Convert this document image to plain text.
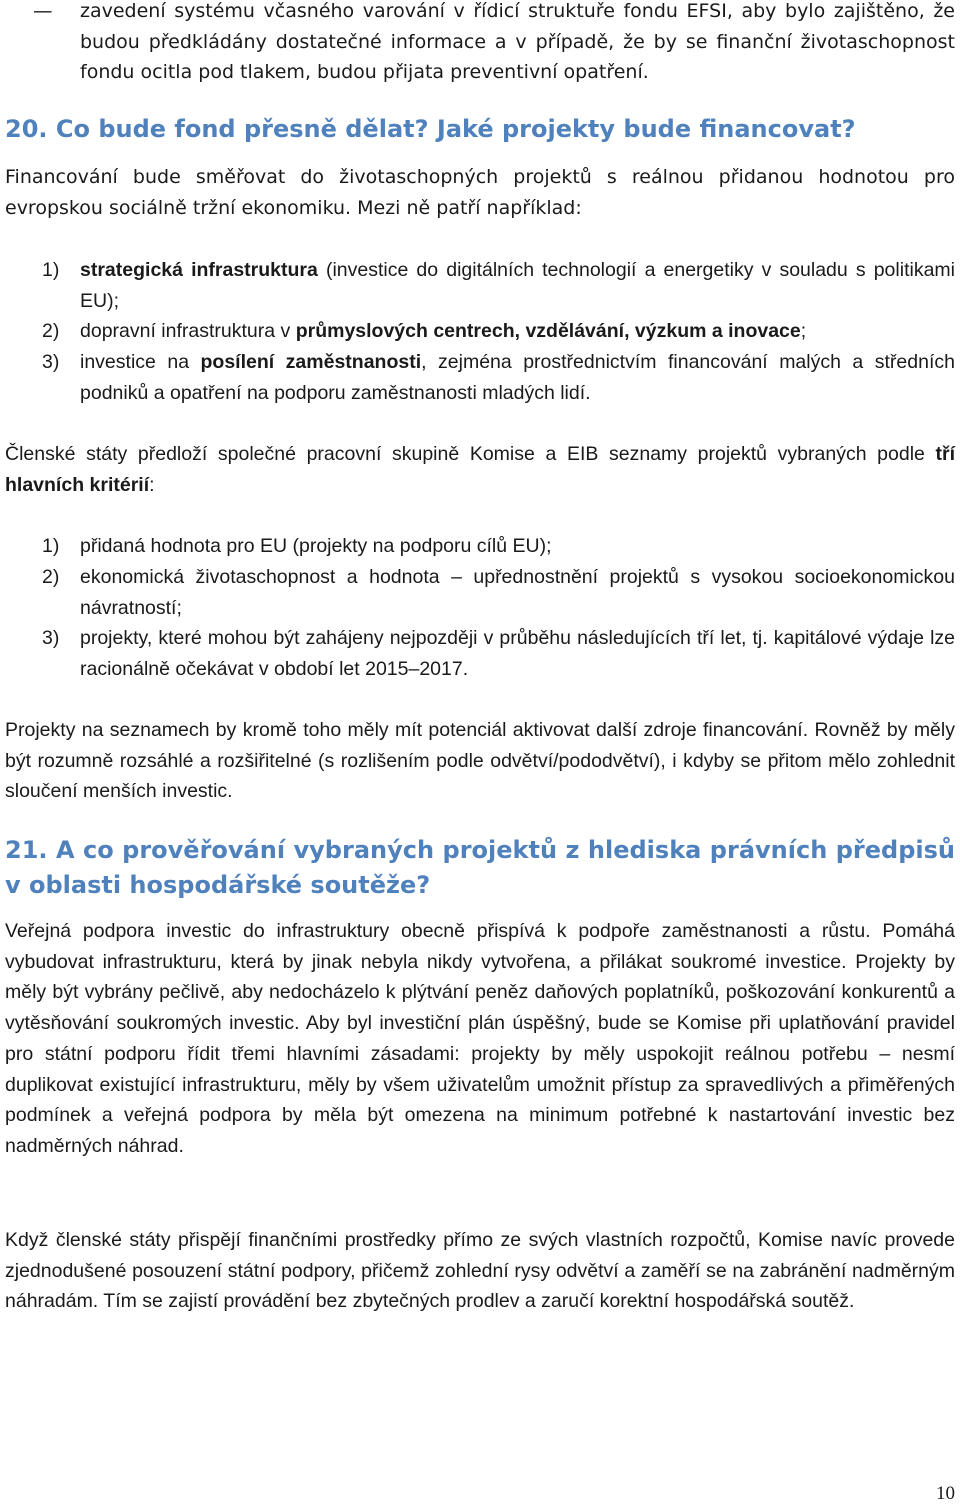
— zavedení systému včasného varování v řídicí struktuře fondu EFSI, aby bylo zajištěno, že budou předkládány dostatečné informace a v případě, že by se finanční životaschopnost fondu ocitla pod tlakem, budou přijata preventivní opatření.
20. Co bude fond přesně dělat? Jaké projekty bude financovat?

Financování bude směřovat do životaschopných projektů s reálnou přidanou hodnotou pro evropskou sociálně tržní ekonomiku. Mezi ně patří například:

1) strategická infrastruktura (investice do digitálních technologií a energetiky v souladu s politikami EU);
2) dopravní infrastruktura v průmyslových centrech, vzdělávání, výzkum a inovace;
3) investice na posílení zaměstnanosti, zejména prostřednictvím financování malých a středních podniků a opatření na podporu zaměstnanosti mladých lidí.

Členské státy předloží společné pracovní skupině Komise a EIB seznamy projektů vybraných podle tří hlavních kritérií:

1) přidaná hodnota pro EU (projekty na podporu cílů EU);
2) ekonomická životaschopnost a hodnota – upřednostnění projektů s vysokou socioekonomickou návratností;
3) projekty, které mohou být zahájeny nejpozději v průběhu následujících tří let, tj. kapitálové výdaje lze racionálně očekávat v období let 2015–2017.

Projekty na seznamech by kromě toho měly mít potenciál aktivovat další zdroje financování. Rovněž by měly být rozumně rozsáhlé a rozšiřitelné (s rozlišením podle odvětví/pododvětví), i kdyby se přitom mělo zohlednit sloučení menších investic.

21. A co prověřování vybraných projektů z hlediska právních předpisů v oblasti hospodářské soutěže?

Veřejná podpora investic do infrastruktury obecně přispívá k podpoře zaměstnanosti a růstu. Pomáhá vybudovat infrastrukturu, která by jinak nebyla nikdy vytvořena, a přilákat soukromé investice. Projekty by měly být vybrány pečlivě, aby nedocházelo k plýtvání peněz daňových poplatníků, poškozování konkurentů a vytěsňování soukromých investic. Aby byl investiční plán úspěšný, bude se Komise při uplatňování pravidel pro státní podporu řídit třemi hlavními zásadami: projekty by měly uspokojit reálnou potřebu – nesmí duplikovat existující infrastrukturu, měly by všem uživatelům umožnit přístup za spravedlivých a přiměřených podmínek a veřejná podpora by měla být omezena na minimum potřebné k nastartování investic bez nadměrných náhrad.

Když členské státy přispějí finančními prostředky přímo ze svých vlastních rozpočtů, Komise navíc provede zjednodušené posouzení státní podpory, přičemž zohlední rysy odvětví a zaměří se na zabránění nadměrným náhradám. Tím se zajistí provádění bez zbytečných prodlev a zaručí korektní hospodářská soutěž.

10
